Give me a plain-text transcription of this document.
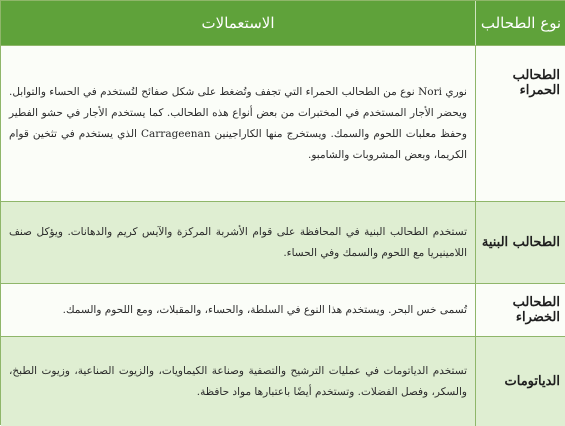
نوع الطحالب
الاستعمالات
الطحالب الحمراء
نوري Nori نوع من الطحالب الحمراء التي تجفف وتُضغط على شكل صفائح لتُستخدم في الحساء والتوابل. ويحضر الأجار المستخدم في المختبرات من بعض أنواع هذه الطحالب. كما يستخدم الأجار في حشو الفطير وحفظ معلبات اللحوم والسمك. ويستخرج منها الكاراجينين Carrageenan الذي يستخدم في تثخين قوام الكريما، وبعض المشروبات والشامبو.
الطحالب البنية
تستخدم الطحالب البنية في المحافظة على قوام الأشربة المركزة والآيس كريم والدهانات. ويؤكل صنف اللامينيريا مع اللحوم والسمك وفي الحساء.
الطحالب الخضراء
تُسمى خس البحر. ويستخدم هذا النوع في السلطة، والحساء، والمقبلات، ومع اللحوم والسمك.
الدياتومات
تستخدم الدياتومات في عمليات الترشيح والتصفية وصناعة الكيماويات، والزيوت الصناعية، وزيوت الطبخ، والسكر، وفصل الفضلات. وتستخدم أيضًا باعتبارها مواد حافظة.
